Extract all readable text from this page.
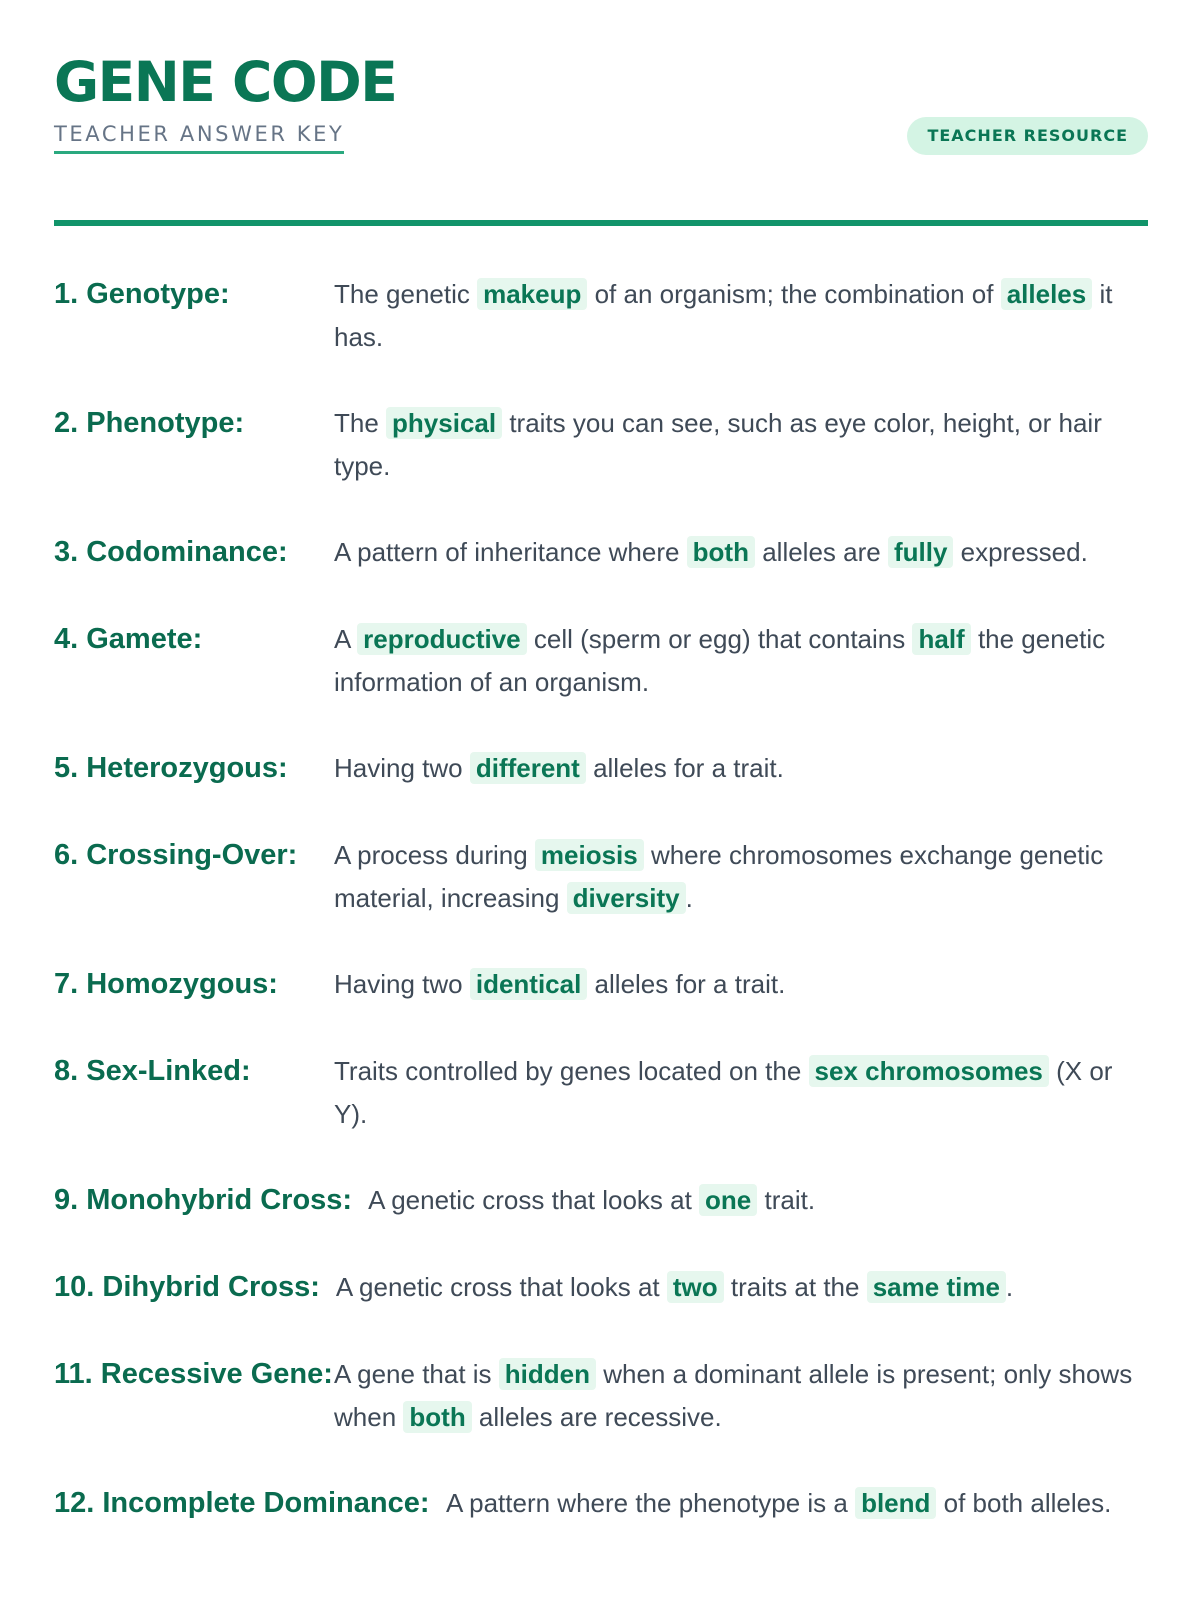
GENE CODE
TEACHER ANSWER KEY	TEACHER RESOURCE
1. Genotype:	The genetic makeup of an organism; the combination of alleles it has.
2. Phenotype:	The physical traits you can see, such as eye color, height, or hair type.
3. Codominance:	A pattern of inheritance where both alleles are fully expressed.
4. Gamete:	A reproductive cell (sperm or egg) that contains half the genetic information of an organism.
5. Heterozygous:	Having two different alleles for a trait.
6. Crossing-Over:	A process during meiosis where chromosomes exchange genetic material, increasing diversity .
7. Homozygous:	Having two identical alleles for a trait.
8. Sex-Linked:	Traits controlled by genes located on the sex chromosomes (X or Y).
9. Monohybrid Cross: A genetic cross that looks at one trait.
10. Dihybrid Cross: A genetic cross that looks at two traits at the same time .
11. Recessive Gene: A gene that is hidden when a dominant allele is present; only shows when both alleles are recessive.
12. Incomplete Dominance: A pattern where the phenotype is a blend of both alleles.
